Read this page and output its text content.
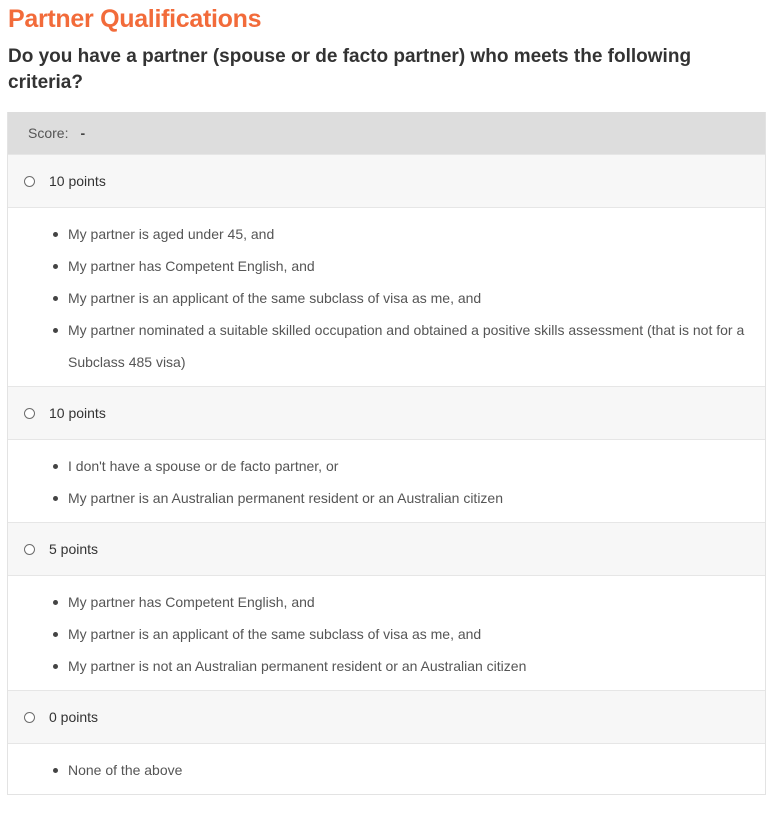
Partner Qualifications
Do you have a partner (spouse or de facto partner) who meets the following criteria?
Score: -
10 points
My partner is aged under 45, and
My partner has Competent English, and
My partner is an applicant of the same subclass of visa as me, and
My partner nominated a suitable skilled occupation and obtained a positive skills assessment (that is not for a Subclass 485 visa)
10 points
I don't have a spouse or de facto partner, or
My partner is an Australian permanent resident or an Australian citizen
5 points
My partner has Competent English, and
My partner is an applicant of the same subclass of visa as me, and
My partner is not an Australian permanent resident or an Australian citizen
0 points
None of the above
